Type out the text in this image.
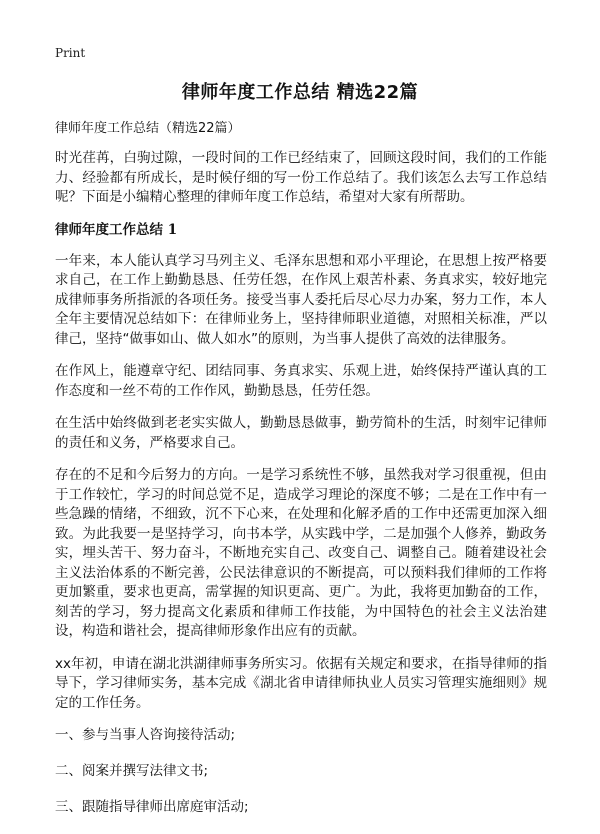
Print
律师年度工作总结 精选22篇

律师年度工作总结（精选22篇）

时光荏苒，白驹过隙，一段时间的工作已经结束了，回顾这段时间，我们的工作能力、经验都有所成长，是时候仔细的写一份工作总结了。我们该怎么去写工作总结呢？下面是小编精心整理的律师年度工作总结，希望对大家有所帮助。

律师年度工作总结 1

一年来，本人能认真学习马列主义、毛泽东思想和邓小平理论，在思想上按严格要求自己，在工作上勤勤恳恳、任劳任怨，在作风上艰苦朴素、务真求实，较好地完成律师事务所指派的各项任务。接受当事人委托后尽心尽力办案，努力工作，本人全年主要情况总结如下：在律师业务上，坚持律师职业道德，对照相关标准，严以律己，坚持“做事如山、做人如水”的原则，为当事人提供了高效的法律服务。

在作风上，能遵章守纪、团结同事、务真求实、乐观上进，始终保持严谨认真的工作态度和一丝不苟的工作作风，勤勤恳恳，任劳任怨。

在生活中始终做到老老实实做人，勤勤恳恳做事，勤劳简朴的生活，时刻牢记律师的责任和义务，严格要求自己。

存在的不足和今后努力的方向。一是学习系统性不够，虽然我对学习很重视，但由于工作较忙，学习的时间总觉不足，造成学习理论的深度不够；二是在工作中有一些急躁的情绪，不细致，沉不下心来，在处理和化解矛盾的工作中还需更加深入细致。为此我要一是坚持学习，向书本学，从实践中学，二是加强个人修养，勤政务实，埋头苦干、努力奋斗，不断地充实自己、改变自己、调整自己。随着建设社会主义法治体系的不断完善，公民法律意识的不断提高，可以预料我们律师的工作将更加繁重，要求也更高，需掌握的知识更高、更广。为此，我将更加勤奋的工作，刻苦的学习，努力提高文化素质和律师工作技能，为中国特色的社会主义法治建设，构造和谐社会，提高律师形象作出应有的贡献。

xx年初，申请在湖北洪湖律师事务所实习。依据有关规定和要求，在指导律师的指导下，学习律师实务，基本完成《湖北省申请律师执业人员实习管理实施细则》规定的工作任务。

一、参与当事人咨询接待活动;

二、阅案并撰写法律文书;

三、跟随指导律师出席庭审活动;
